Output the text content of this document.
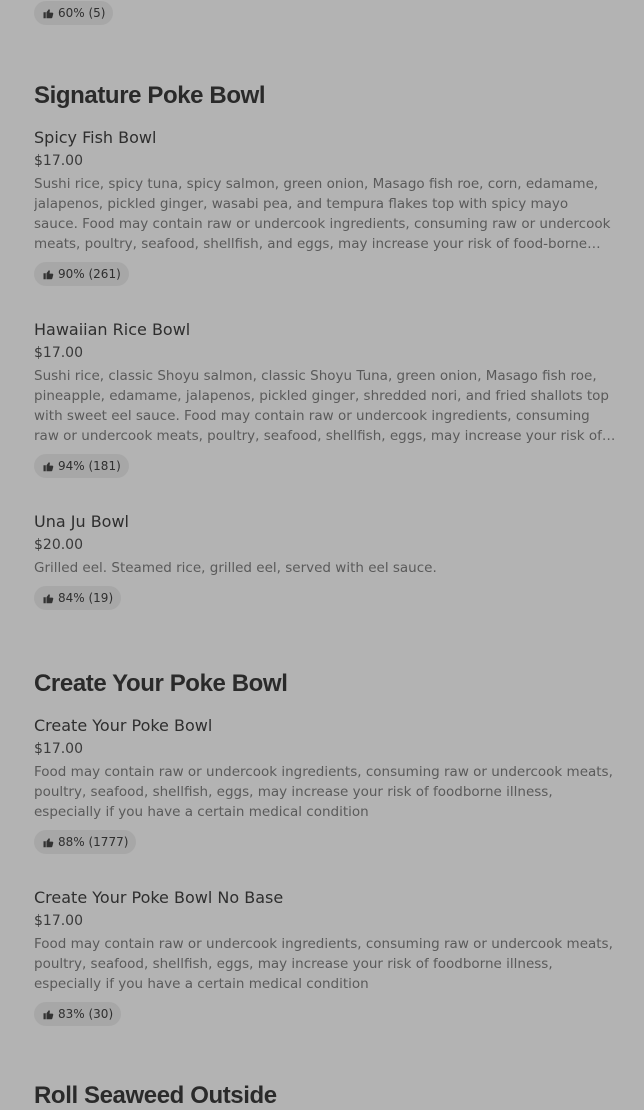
60% (5)
Signature Poke Bowl
Spicy Fish Bowl
$17.00
Sushi rice, spicy tuna, spicy salmon, green onion, Masago fish roe, corn, edamame, jalapenos, pickled ginger, wasabi pea, and tempura flakes top with spicy mayo sauce. Food may contain raw or undercook ingredients, consuming raw or undercook meats, poultry, seafood, shellfish, and eggs, may increase your risk of food-borne
90% (261)
Hawaiian Rice Bowl
$17.00
Sushi rice, classic Shoyu salmon, classic Shoyu Tuna, green onion, Masago fish roe, pineapple, edamame, jalapenos, pickled ginger, shredded nori, and fried shallots top with sweet eel sauce. Food may contain raw or undercook ingredients, consuming raw or undercook meats, poultry, seafood, shellfish, eggs, may increase your risk of
94% (181)
Una Ju Bowl
$20.00
Grilled eel. Steamed rice, grilled eel, served with eel sauce.
84% (19)
Create Your Poke Bowl
Create Your Poke Bowl
$17.00
Food may contain raw or undercook ingredients, consuming raw or undercook meats, poultry, seafood, shellfish, eggs, may increase your risk of foodborne illness, especially if you have a certain medical condition
88% (1777)
Create Your Poke Bowl No Base
$17.00
Food may contain raw or undercook ingredients, consuming raw or undercook meats, poultry, seafood, shellfish, eggs, may increase your risk of foodborne illness, especially if you have a certain medical condition
83% (30)
Roll Seaweed Outside
